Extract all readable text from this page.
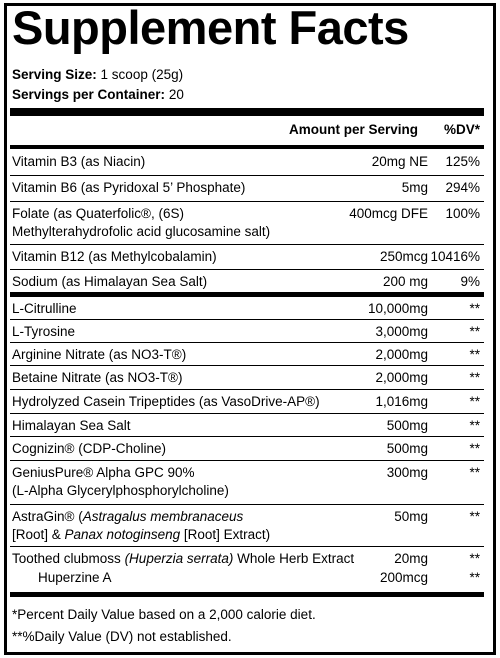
Supplement Facts
Serving Size: 1 scoop (25g)
Servings per Container: 20
Amount per Serving %DV*
Vitamin B3 (as Niacin)	20mg NE 125%
Vitamin B6 (as Pyridoxal 5’ Phosphate)	5mg 294%
Folate (as Quaterfolic®, (6S)
Methylterahydrofolic acid glucosamine salt)
400mcg DFE 100%
Vitamin B12 (as Methylcobalamin)	250mcg 10416%
Sodium (as Himalayan Sea Salt)	200 mg 9%
L-Citrulline	10,000mg	**
L-Tyrosine	3,000mg	**
Arginine Nitrate (as NO3-T®)	2,000mg	**
Betaine Nitrate (as NO3-T®)	2,000mg	**
Hydrolyzed Casein Tripeptides (as VasoDrive-AP®)	1,016mg	**
Himalayan Sea Salt	500mg	**
Cognizin® (CDP-Choline)	500mg	**
GeniusPure® Alpha GPC 90%
(L-Alpha Glycerylphosphorylcholine)
300mg	**
AstraGin® (Astragalus membranaceus
[Root] & Panax notoginseng [Root] Extract)
50mg	**
Toothed clubmoss (Huperzia serrata) Whole Herb Extract	20mg	**
Huperzine A	200mcg	**
*Percent Daily Value based on a 2,000 calorie diet.
**%Daily Value (DV) not established.
